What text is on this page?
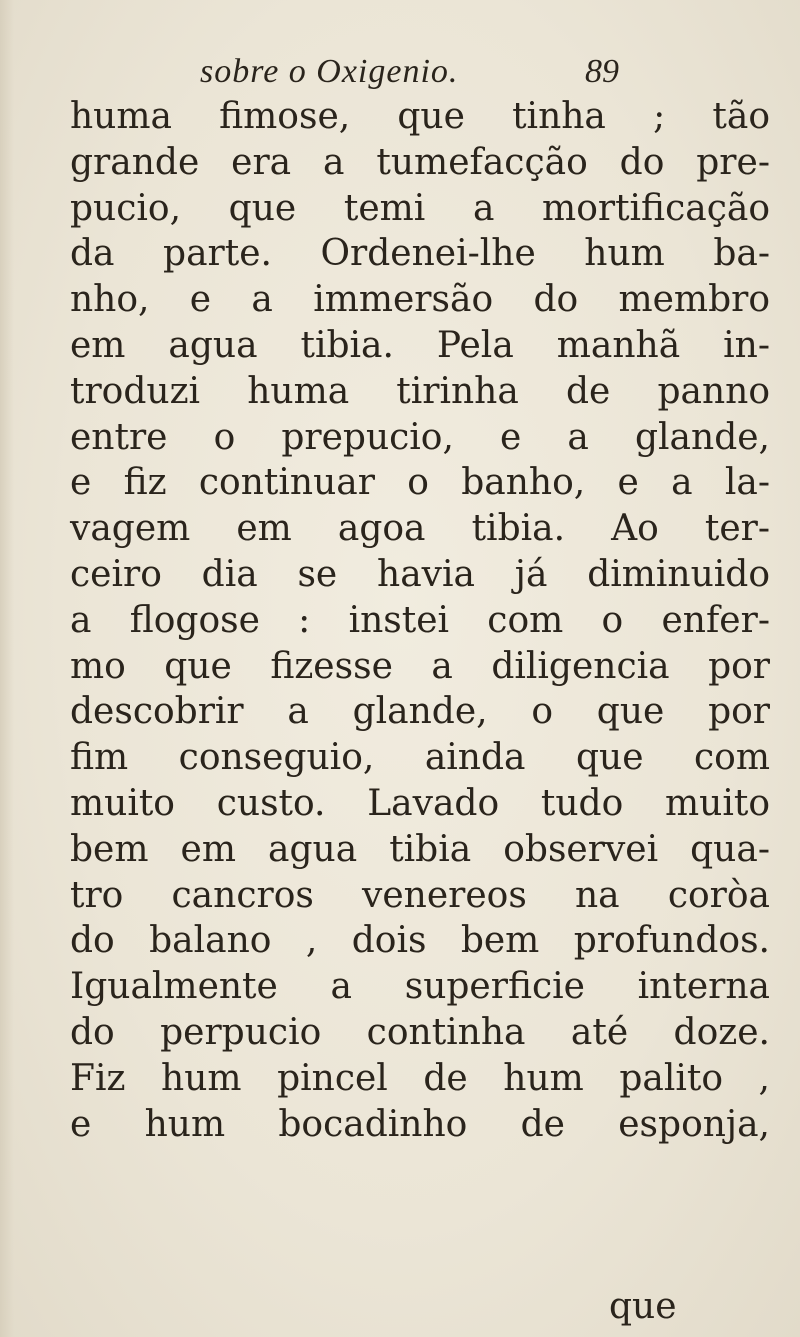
sobre o Oxigenio.	89
huma fimose, que tinha ; tão
grande era a tumefacção do pre-
pucio, que temi a mortificação
da parte. Ordenei-lhe hum ba-
nho, e a immersão do membro
em agua tibia. Pela manhã in-
troduzi huma tirinha de panno
entre o prepucio, e a glande,
e fiz continuar o banho, e a la-
vagem em agoa tibia. Ao ter-
ceiro dia se havia já diminuido
a flogose : instei com o enfer-
mo que fizesse a diligencia por
descobrir a glande, o que por
fim conseguio, ainda que com
muito custo. Lavado tudo muito
bem em agua tibia observei qua-
tro cancros venereos na coròa
do balano , dois bem profundos.
Igualmente a superficie interna
do perpucio continha até doze.
Fiz hum pincel de hum palito ,
e hum bocadinho de esponja,
que
